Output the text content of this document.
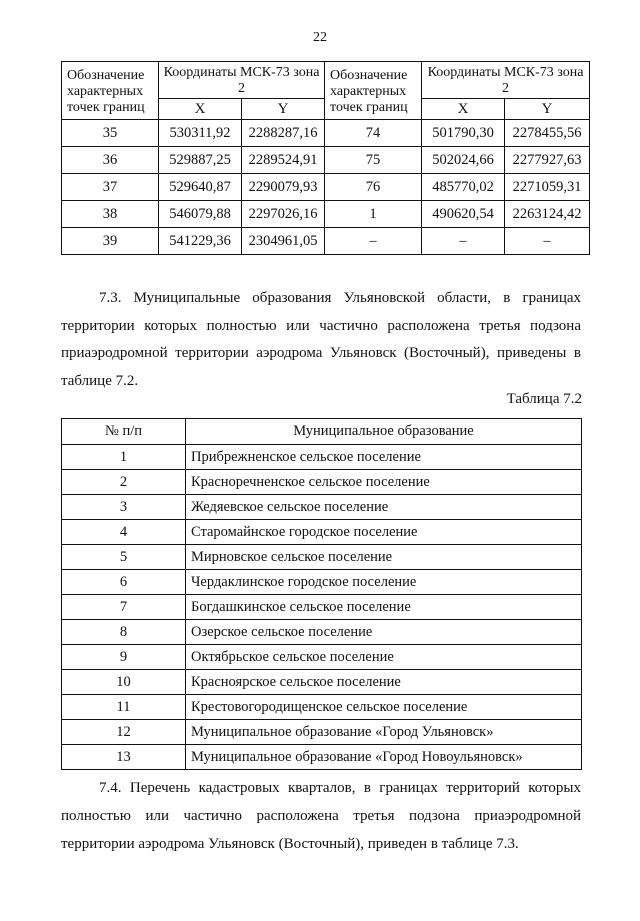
22
Обозначение характерных точек границ	Координаты МСК-73 зона 2		Обозначение характерных точек границ	Координаты МСК-73 зона 2	
	X	Y		X	Y
35	530311,92	2288287,16	74	501790,30	2278455,56
36	529887,25	2289524,91	75	502024,66	2277927,63
37	529640,87	2290079,93	76	485770,02	2271059,31
38	546079,88	2297026,16	1	490620,54	2263124,42
39	541229,36	2304961,05	–	–	–

7.3. Муниципальные образования Ульяновской области, в границах территории которых полностью или частично расположена третья подзона приаэродромной территории аэродрома Ульяновск (Восточный), приведены в таблице 7.2.

Таблица 7.2
№ п/п	Муниципальное образование
1	Прибрежненское сельское поселение
2	Красноречненское сельское поселение
3	Жедяевское сельское поселение
4	Старомайнское городское поселение
5	Мирновское сельское поселение
6	Чердаклинское городское поселение
7	Богдашкинское сельское поселение
8	Озерское сельское поселение
9	Октябрьское сельское поселение
10	Красноярское сельское поселение
11	Крестовогородищенское сельское поселение
12	Муниципальное образование «Город Ульяновск»
13	Муниципальное образование «Город Новоульяновск»

7.4. Перечень кадастровых кварталов, в границах территорий которых полностью или частично расположена третья подзона приаэродромной территории аэродрома Ульяновск (Восточный), приведен в таблице 7.3.
